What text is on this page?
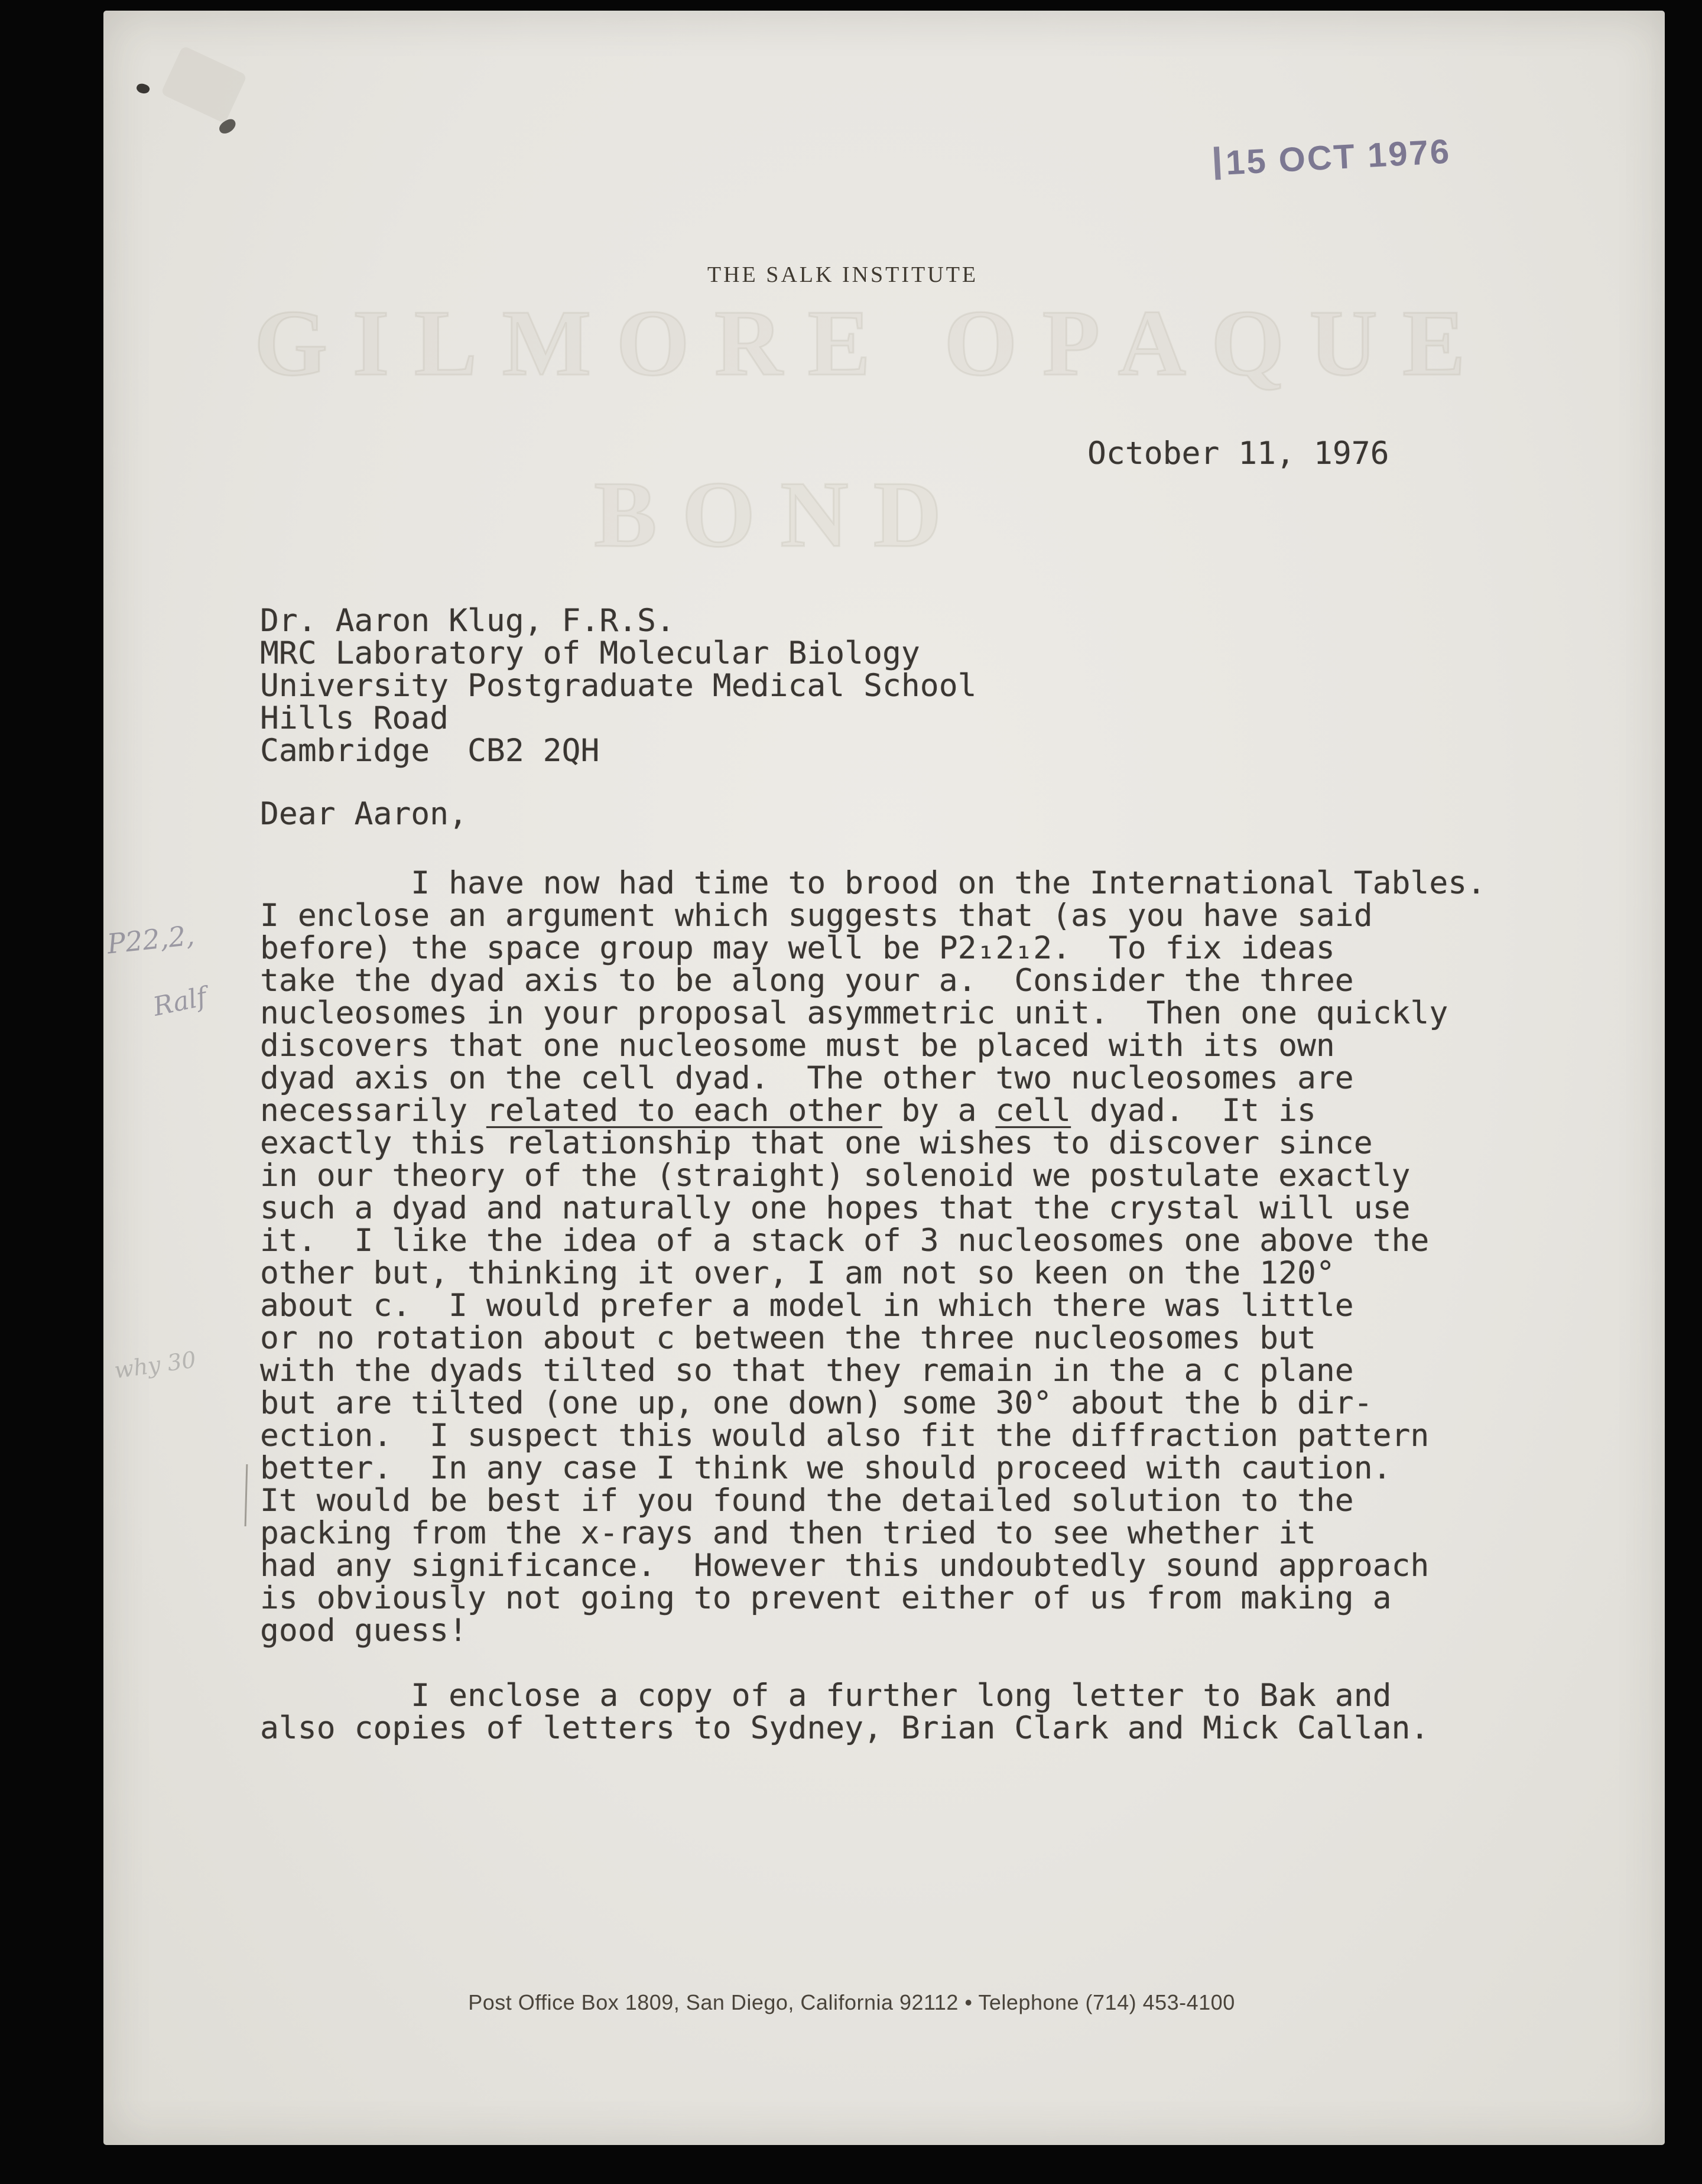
15 OCT 1976
THE SALK INSTITUTE
GILMORE OPAQUE
BOND
October 11, 1976
Dr. Aaron Klug, F.R.S.
MRC Laboratory of Molecular Biology
University Postgraduate Medical School
Hills Road
Cambridge  CB2 2QH
Dear Aaron,
I have now had time to brood on the International Tables.
I enclose an argument which suggests that (as you have said
before) the space group may well be P2₁2₁2.  To fix ideas
take the dyad axis to be along your a.  Consider the three
nucleosomes in your proposal asymmetric unit.  Then one quickly
discovers that one nucleosome must be placed with its own
dyad axis on the cell dyad.  The other two nucleosomes are
necessarily related to each other by a cell dyad.  It is
exactly this relationship that one wishes to discover since
in our theory of the (straight) solenoid we postulate exactly
such a dyad and naturally one hopes that the crystal will use
it.  I like the idea of a stack of 3 nucleosomes one above the
other but, thinking it over, I am not so keen on the 120°
about c.  I would prefer a model in which there was little
or no rotation about c between the three nucleosomes but
with the dyads tilted so that they remain in the a c plane
but are tilted (one up, one down) some 30° about the b dir-
ection.  I suspect this would also fit the diffraction pattern
better.  In any case I think we should proceed with caution.
It would be best if you found the detailed solution to the
packing from the x-rays and then tried to see whether it
had any significance.  However this undoubtedly sound approach
is obviously not going to prevent either of us from making a
good guess!
I enclose a copy of a further long letter to Bak and
also copies of letters to Sydney, Brian Clark and Mick Callan.
Post Office Box 1809, San Diego, California 92112 • Telephone (714) 453-4100
P22,2,
Ralf
why 30
